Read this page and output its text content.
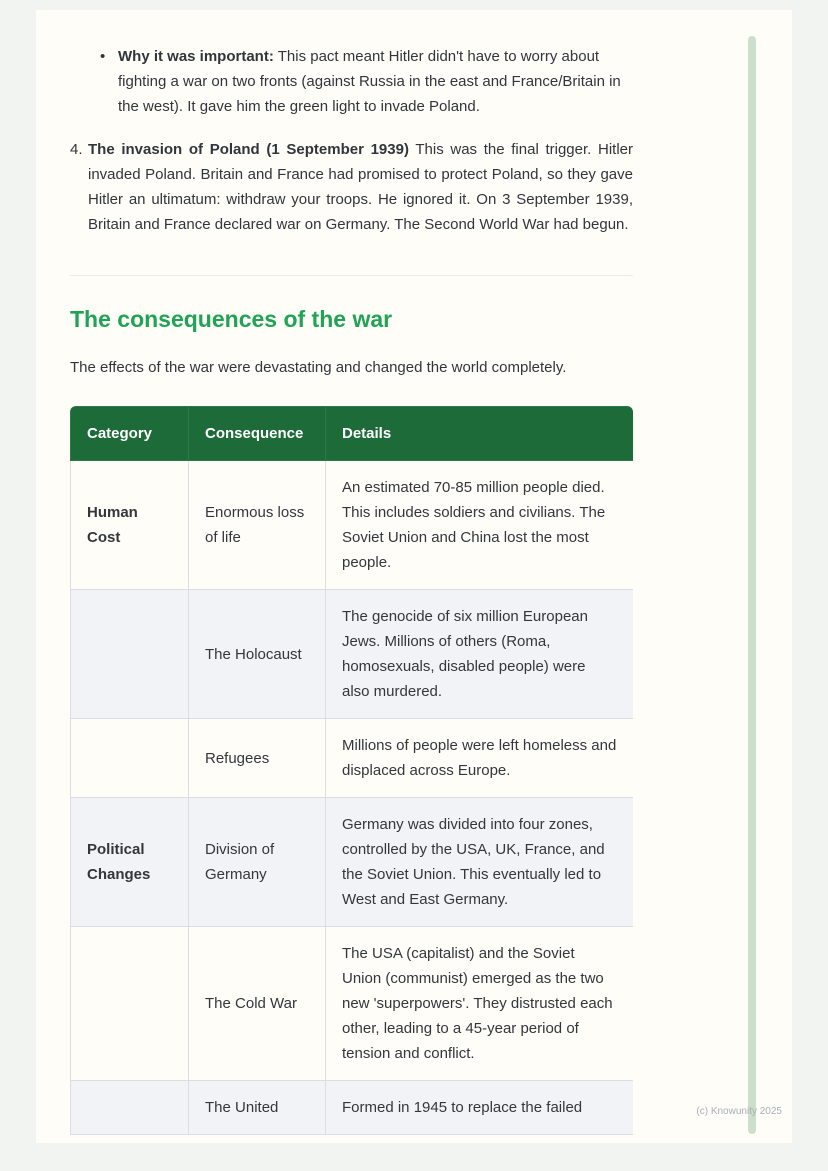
• Why it was important: This pact meant Hitler didn't have to worry about fighting a war on two fronts (against Russia in the east and France/Britain in the west). It gave him the green light to invade Poland.
4. The invasion of Poland (1 September 1939) This was the final trigger. Hitler invaded Poland. Britain and France had promised to protect Poland, so they gave Hitler an ultimatum: withdraw your troops. He ignored it. On 3 September 1939, Britain and France declared war on Germany. The Second World War had begun.
The consequences of the war

The effects of the war were devastating and changed the world completely.

Category	Consequence	Details
Human Cost	Enormous loss of life	An estimated 70-85 million people died. This includes soldiers and civilians. The Soviet Union and China lost the most people.
	The Holocaust	The genocide of six million European Jews. Millions of others (Roma, homosexuals, disabled people) were also murdered.
	Refugees	Millions of people were left homeless and displaced across Europe.
Political Changes	Division of Germany	Germany was divided into four zones, controlled by the USA, UK, France, and the Soviet Union. This eventually led to West and East Germany.
	The Cold War	The USA (capitalist) and the Soviet Union (communist) emerged as the two new 'superpowers'. They distrusted each other, leading to a 45-year period of tension and conflict.
	The United	Formed in 1945 to replace the failed	(c) Knowunity 2025
